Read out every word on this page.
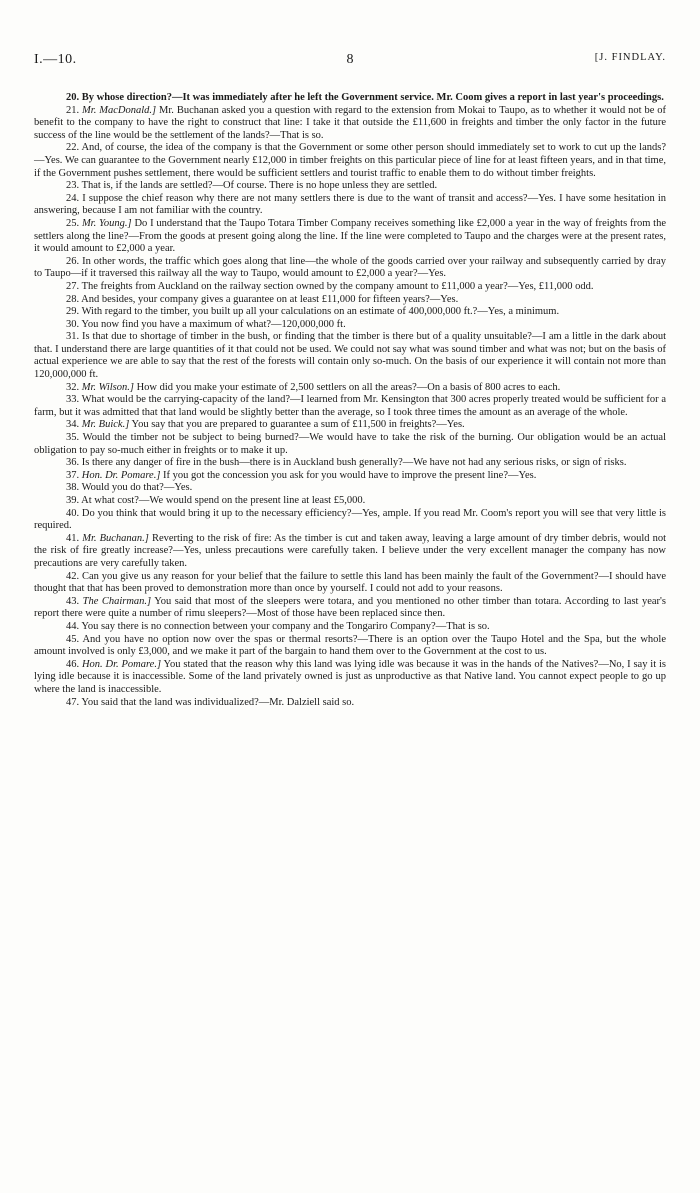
I.—10.	8	[J. FINDLAY.

20. By whose direction?—It was immediately after he left the Government service. Mr. Coom gives a report in last year's proceedings.

21. Mr. MacDonald.] Mr. Buchanan asked you a question with regard to the extension from Mokai to Taupo, as to whether it would not be of benefit to the company to have the right to construct that line: I take it that outside the £11,600 in freights and timber the only factor in the future success of the line would be the settlement of the lands?—That is so.

22. And, of course, the idea of the company is that the Government or some other person should immediately set to work to cut up the lands?—Yes. We can guarantee to the Government nearly £12,000 in timber freights on this particular piece of line for at least fifteen years, and in that time, if the Government pushes settlement, there would be sufficient settlers and tourist traffic to enable them to do without timber freights.

23. That is, if the lands are settled?—Of course. There is no hope unless they are settled.

24. I suppose the chief reason why there are not many settlers there is due to the want of transit and access?—Yes. I have some hesitation in answering, because I am not familiar with the country.

25. Mr. Young.] Do I understand that the Taupo Totara Timber Company receives something like £2,000 a year in the way of freights from the settlers along the line?—From the goods at present going along the line. If the line were completed to Taupo and the charges were at the present rates, it would amount to £2,000 a year.

26. In other words, the traffic which goes along that line—the whole of the goods carried over your railway and subsequently carried by dray to Taupo—if it traversed this railway all the way to Taupo, would amount to £2,000 a year?—Yes.

27. The freights from Auckland on the railway section owned by the company amount to £11,000 a year?—Yes, £11,000 odd.

28. And besides, your company gives a guarantee on at least £11,000 for fifteen years?—Yes.

29. With regard to the timber, you built up all your calculations on an estimate of 400,000,000 ft.?—Yes, a minimum.

30. You now find you have a maximum of what?—120,000,000 ft.

31. Is that due to shortage of timber in the bush, or finding that the timber is there but of a quality unsuitable?—I am a little in the dark about that. I understand there are large quantities of it that could not be used. We could not say what was sound timber and what was not; but on the basis of actual experience we are able to say that the rest of the forests will contain only so-much. On the basis of our experience it will contain not more than 120,000,000 ft.

32. Mr. Wilson.] How did you make your estimate of 2,500 settlers on all the areas?—On a basis of 800 acres to each.

33. What would be the carrying-capacity of the land?—I learned from Mr. Kensington that 300 acres properly treated would be sufficient for a farm, but it was admitted that that land would be slightly better than the average, so I took three times the amount as an average of the whole.

34. Mr. Buick.] You say that you are prepared to guarantee a sum of £11,500 in freights?—Yes.

35. Would the timber not be subject to being burned?—We would have to take the risk of the burning. Our obligation would be an actual obligation to pay so-much either in freights or to make it up.

36. Is there any danger of fire in the bush—there is in Auckland bush generally?—We have not had any serious risks, or sign of risks.

37. Hon. Dr. Pomare.] If you got the concession you ask for you would have to improve the present line?—Yes.

38. Would you do that?—Yes.

39. At what cost?—We would spend on the present line at least £5,000.

40. Do you think that would bring it up to the necessary efficiency?—Yes, ample. If you read Mr. Coom's report you will see that very little is required.

41. Mr. Buchanan.] Reverting to the risk of fire: As the timber is cut and taken away, leaving a large amount of dry timber debris, would not the risk of fire greatly increase?—Yes, unless precautions were carefully taken. I believe under the very excellent manager the company has now precautions are very carefully taken.

42. Can you give us any reason for your belief that the failure to settle this land has been mainly the fault of the Government?—I should have thought that that has been proved to demonstration more than once by yourself. I could not add to your reasons.

43. The Chairman.] You said that most of the sleepers were totara, and you mentioned no other timber than totara. According to last year's report there were quite a number of rimu sleepers?—Most of those have been replaced since then.

44. You say there is no connection between your company and the Tongariro Company?—That is so.

45. And you have no option now over the spas or thermal resorts?—There is an option over the Taupo Hotel and the Spa, but the whole amount involved is only £3,000, and we make it part of the bargain to hand them over to the Government at the cost to us.

46. Hon. Dr. Pomare.] You stated that the reason why this land was lying idle was because it was in the hands of the Natives?—No, I say it is lying idle because it is inaccessible. Some of the land privately owned is just as unproductive as that Native land. You cannot expect people to go up where the land is inaccessible.

47. You said that the land was individualized?—Mr. Dalziell said so.
